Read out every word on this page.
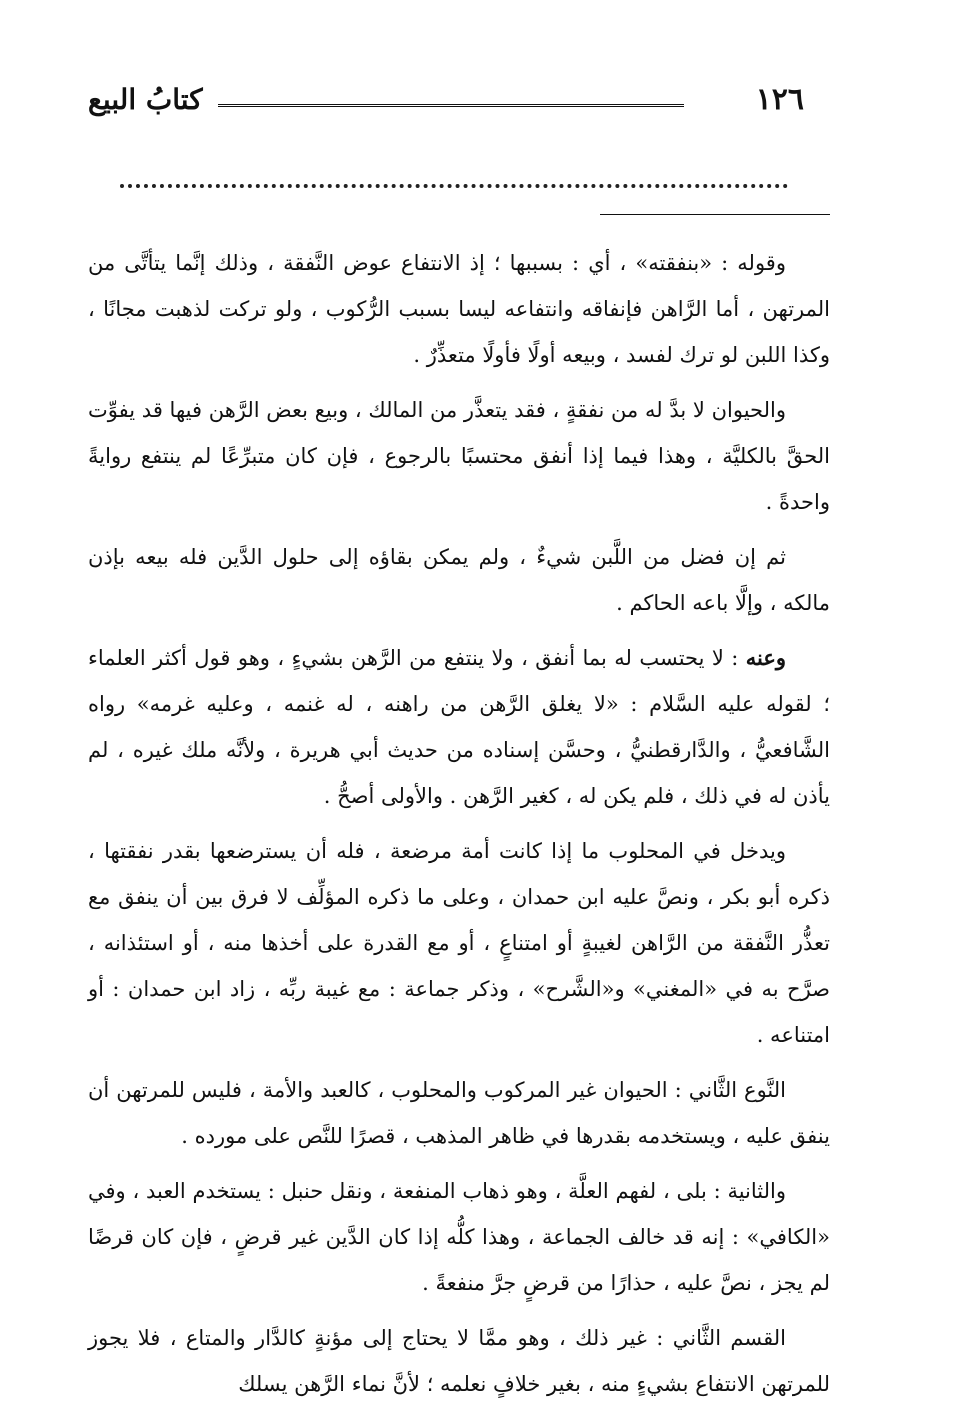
١٢٦
كتابُ البيع

وقوله : «بنفقته» ، أي : بسببها ؛ إذ الانتفاع عوض النَّفقة ، وذلك إنَّما يتأتَّى من المرتهن ، أما الرَّاهن فإنفاقه وانتفاعه ليسا بسبب الرُّكوب ، ولو تركت لذهبت مجانًا ، وكذا اللبن لو ترك لفسد ، وبيعه أولًا فأولًا متعذِّرٌ .

والحيوان لا بدَّ له من نفقةٍ ، فقد يتعذَّر من المالك ، وبيع بعض الرَّهن فيها قد يفوِّت الحقَّ بالكليَّة ، وهذا فيما إذا أنفق محتسبًا بالرجوع ، فإن كان متبرِّعًا لم ينتفع روايةً واحدةً .

ثم إن فضل من اللَّبن شيءٌ ، ولم يمكن بقاؤه إلى حلول الدَّين فله بيعه بإذن مالكه ، وإلَّا باعه الحاكم .

وعنه : لا يحتسب له بما أنفق ، ولا ينتفع من الرَّهن بشيءٍ ، وهو قول أكثر العلماء ؛ لقوله عليه السَّلام : «لا يغلق الرَّهن من راهنه ، له غنمه ، وعليه غرمه» رواه الشَّافعيُّ ، والدَّارقطنيُّ ، وحسَّن إسناده من حديث أبي هريرة ، ولأنَّه ملك غيره ، لم يأذن له في ذلك ، فلم يكن له ، كغير الرَّهن . والأولى أصحُّ .

ويدخل في المحلوب ما إذا كانت أمة مرضعة ، فله أن يسترضعها بقدر نفقتها ، ذكره أبو بكر ، ونصَّ عليه ابن حمدان ، وعلى ما ذكره المؤلِّف لا فرق بين أن ينفق مع تعذُّر النَّفقة من الرَّاهن لغيبةٍ أو امتناعٍ ، أو مع القدرة على أخذها منه ، أو استئذانه ، صرَّح به في «المغني» و«الشَّرح» ، وذكر جماعة : مع غيبة ربِّه ، زاد ابن حمدان : أو امتناعه .

النَّوع الثَّاني : الحيوان غير المركوب والمحلوب ، كالعبد والأمة ، فليس للمرتهن أن ينفق عليه ، ويستخدمه بقدرها في ظاهر المذهب ، قصرًا للنَّص على مورده .

والثانية : بلى ، لفهم العلَّة ، وهو ذهاب المنفعة ، ونقل حنبل : يستخدم العبد ، وفي «الكافي» : إنه قد خالف الجماعة ، وهذا كلُّه إذا كان الدَّين غير قرضٍ ، فإن كان قرضًا لم يجز ، نصَّ عليه ، حذارًا من قرضٍ جرَّ منفعةً .

القسم الثَّاني : غير ذلك ، وهو ممَّا لا يحتاج إلى مؤنةٍ كالدَّار والمتاع ، فلا يجوز للمرتهن الانتفاع بشيءٍ منه ، بغير خلافٍ نعلمه ؛ لأنَّ نماء الرَّهن يسلك
